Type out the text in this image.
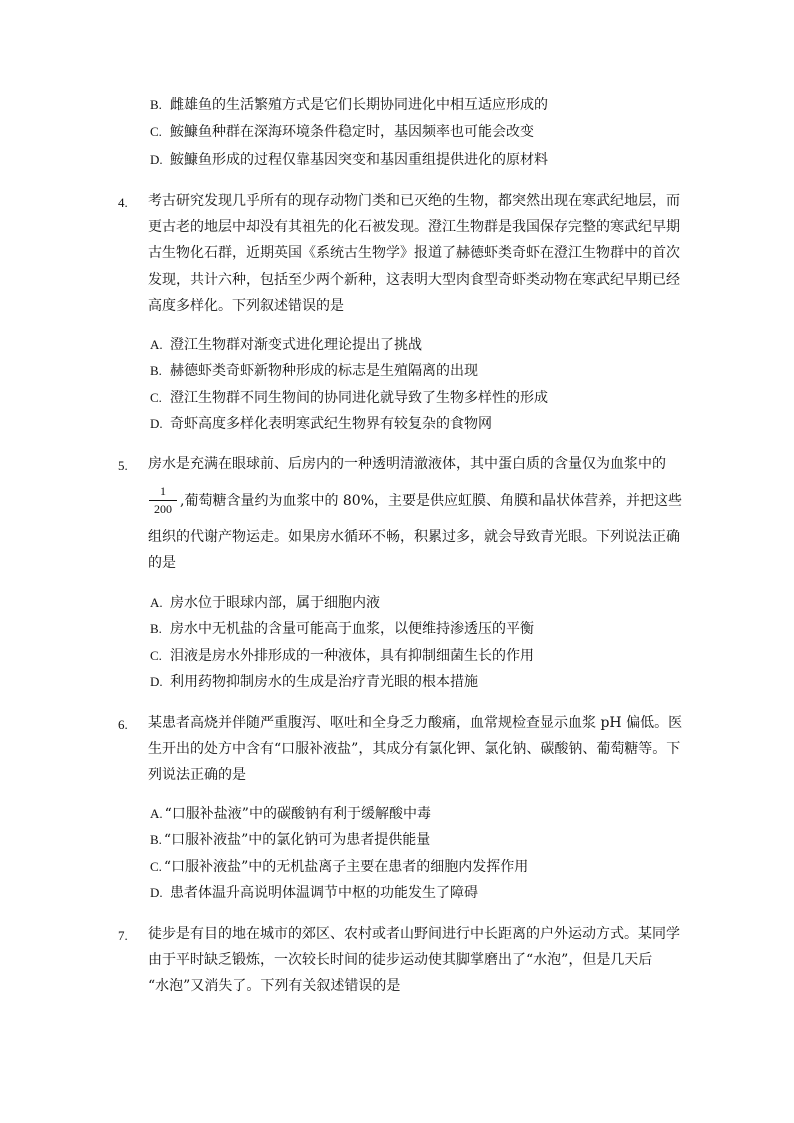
B. 雌雄鱼的生活繁殖方式是它们长期协同进化中相互适应形成的
C. 鮟鱇鱼种群在深海环境条件稳定时，基因频率也可能会改变
D. 鮟鱇鱼形成的过程仅靠基因突变和基因重组提供进化的原材料
4. 考古研究发现几乎所有的现存动物门类和已灭绝的生物，都突然出现在寒武纪地层，而
更古老的地层中却没有其祖先的化石被发现。澄江生物群是我国保存完整的寒武纪早期
古生物化石群，近期英国《系统古生物学》报道了赫德虾类奇虾在澄江生物群中的首次
发现，共计六种，包括至少两个新种，这表明大型肉食型奇虾类动物在寒武纪早期已经
高度多样化。下列叙述错误的是
A. 澄江生物群对渐变式进化理论提出了挑战
B. 赫德虾类奇虾新物种形成的标志是生殖隔离的出现
C. 澄江生物群不同生物间的协同进化就导致了生物多样性的形成
D. 奇虾高度多样化表明寒武纪生物界有较复杂的食物网
5. 房水是充满在眼球前、后房内的一种透明清澈液体，其中蛋白质的含量仅为血浆中的
1
200 ,葡萄糖含量约为血浆中的 80%，主要是供应虹膜、角膜和晶状体营养，并把这些
组织的代谢产物运走。如果房水循环不畅，积累过多，就会导致青光眼。下列说法正确
的是
A. 房水位于眼球内部，属于细胞内液
B. 房水中无机盐的含量可能高于血浆，以便维持渗透压的平衡
C. 泪液是房水外排形成的一种液体，具有抑制细菌生长的作用
D. 利用药物抑制房水的生成是治疗青光眼的根本措施
6. 某患者高烧并伴随严重腹泻、呕吐和全身乏力酸痛，血常规检查显示血浆 pH 偏低。医
生开出的处方中含有“口服补液盐”，其成分有氯化钾、氯化钠、碳酸钠、葡萄糖等。下
列说法正确的是
A. “口服补盐液”中的碳酸钠有利于缓解酸中毒
B. “口服补液盐”中的氯化钠可为患者提供能量
C. “口服补液盐”中的无机盐离子主要在患者的细胞内发挥作用
D. 患者体温升高说明体温调节中枢的功能发生了障碍
7. 徒步是有目的地在城市的郊区、农村或者山野间进行中长距离的户外运动方式。某同学
由于平时缺乏锻炼，一次较长时间的徒步运动使其脚掌磨出了“水泡”，但是几天后
“水泡”又消失了。下列有关叙述错误的是
